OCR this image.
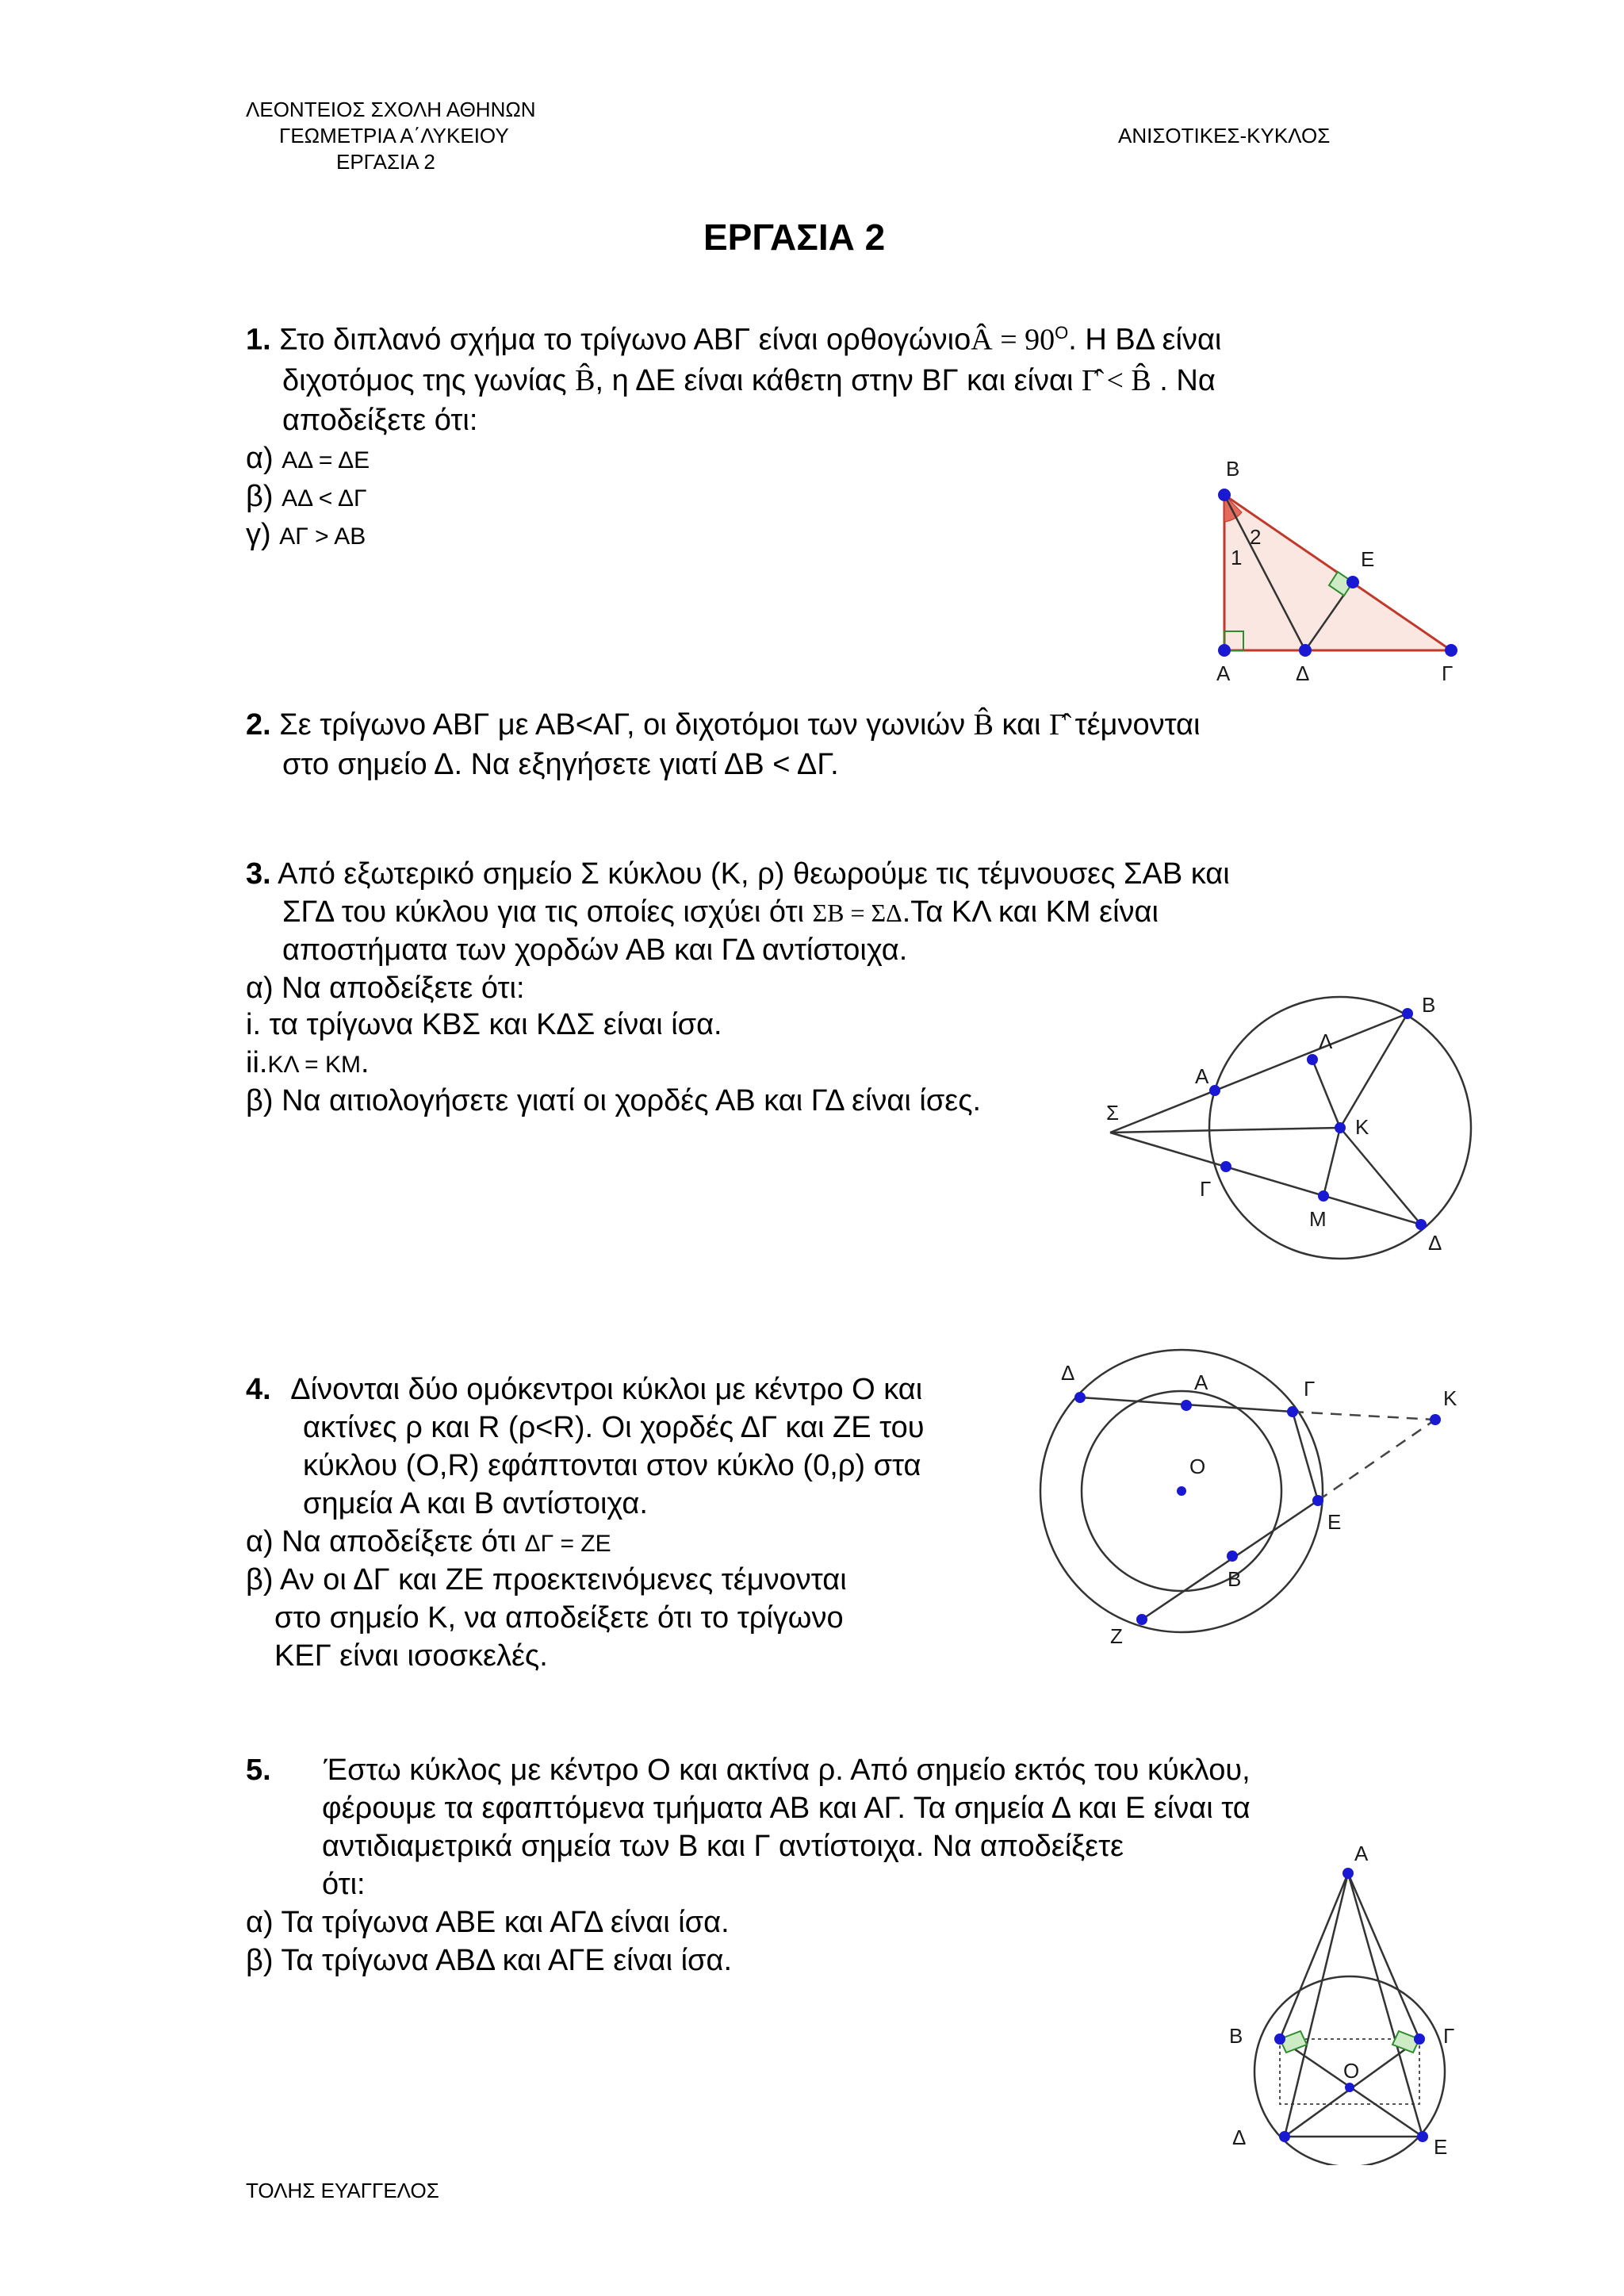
ΛΕΟΝΤΕΙΟΣ ΣΧΟΛΗ ΑΘΗΝΩΝ
ΓΕΩΜΕΤΡΙΑ Α΄ΛΥΚΕΙΟΥ
ΕΡΓΑΣΙΑ 2
ΑΝΙΣΟΤΙΚΕΣ-ΚΥΚΛΟΣ
ΕΡΓΑΣΙΑ 2
1. Στο διπλανό σχήμα το τρίγωνο ΑΒΓ είναι ορθογώνιοÂ = $90^O$. Η ΒΔ είναι
διχοτόμος της γωνίας B̂, η ΔΕ είναι κάθετη στην ΒΓ και είναι Γ̂ < B̂ . Να
αποδείξετε ότι:
α) ΑΔ = ΔΕ
β) ΑΔ < ΔΓ
γ) ΑΓ > ΑΒ
Β
1
2
Ε
Α	Δ	Γ
2. Σε τρίγωνο ΑΒΓ με ΑΒ<ΑΓ, οι διχοτόμοι των γωνιών B̂ και Γ̂ τέμνονται
στο σημείο Δ. Να εξηγήσετε γιατί ΔΒ < ΔΓ.
3. Από εξωτερικό σημείο Σ κύκλου (Κ, ρ) θεωρούμε τις τέμνουσες ΣΑΒ και
ΣΓΔ του κύκλου για τις οποίες ισχύει ότι ΣΒ = ΣΔ.Τα ΚΛ και ΚΜ είναι
αποστήματα των χορδών ΑΒ και ΓΔ αντίστοιχα.
α) Να αποδείξετε ότι:
i. τα τρίγωνα ΚΒΣ και ΚΔΣ είναι ίσα.
ii.ΚΛ = ΚΜ.
β) Να αιτιολογήσετε γιατί οι χορδές ΑΒ και ΓΔ είναι ίσες.
Β
Λ
Α
Σ
Κ
Γ
Μ
Δ
4. Δίνονται δύο ομόκεντροι κύκλοι με κέντρο Ο και
ακτίνες ρ και R (ρ<R). Οι χορδές ΔΓ και ΖΕ του
κύκλου (Ο,R) εφάπτονται στον κύκλο (0,ρ) στα
σημεία Α και Β αντίστοιχα.
α) Να αποδείξετε ότι ΔΓ = ΖΕ
β) Αν οι ΔΓ και ΖΕ προεκτεινόμενες τέμνονται
στο σημείο Κ, να αποδείξετε ότι το τρίγωνο
ΚΕΓ είναι ισοσκελές.
Δ	Α	Γ	Κ
Ο
Ε
Β
Ζ
5. Έστω κύκλος με κέντρο Ο και ακτίνα ρ. Από σημείο εκτός του κύκλου,
φέρουμε τα εφαπτόμενα τμήματα ΑΒ και ΑΓ. Τα σημεία Δ και Ε είναι τα
αντιδιαμετρικά σημεία των Β και Γ αντίστοιχα. Να αποδείξετε
ότι:
α) Τα τρίγωνα ΑΒΕ και ΑΓΔ είναι ίσα.
β) Τα τρίγωνα ΑΒΔ και ΑΓΕ είναι ίσα.
Α
Β	Γ
Ο
Δ	Ε
ΤΟΛΗΣ ΕΥΑΓΓΕΛΟΣ
